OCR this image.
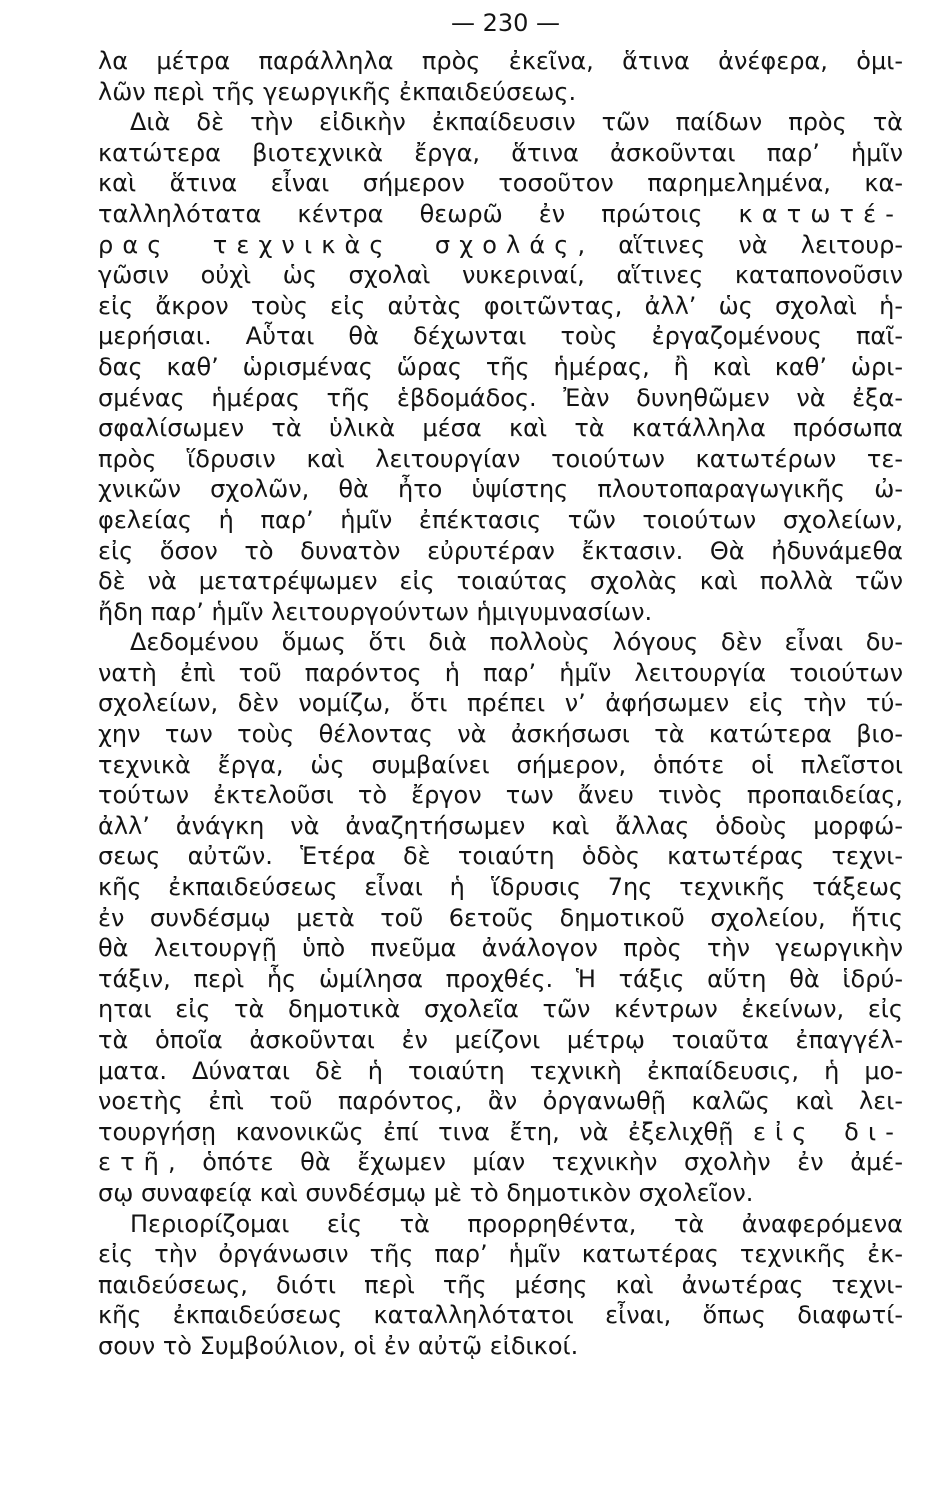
— 230 —
λα μέτρα παράλληλα πρὸς ἐκεῖνα, ἅτινα ἀνέφερα, ὁμι-
λῶν περὶ τῆς γεωργικῆς ἐκπαιδεύσεως.
Διὰ δὲ τὴν εἰδικὴν ἐκπαίδευσιν τῶν παίδων πρὸς τὰ
κατώτερα βιοτεχνικὰ ἔργα, ἅτινα ἀσκοῦνται παρ’ ἡμῖν
καὶ ἅτινα εἶναι σήμερον τοσοῦτον παρημελημένα, κα-
ταλληλότατα κέντρα θεωρῶ ἐν πρώτοις κατωτέ-
ρας τεχνικὰς σχολάς, αἵτινες νὰ λειτουρ-
γῶσιν οὐχὶ ὡς σχολαὶ νυκεριναί, αἵτινες καταπονοῦσιν
εἰς ἄκρον τοὺς εἰς αὐτὰς φοιτῶντας, ἀλλ’ ὡς σχολαὶ ἡ-
μερήσιαι. Αὗται θὰ δέχωνται τοὺς ἐργαζομένους παῖ-
δας καθ’ ὡρισμένας ὥρας τῆς ἡμέρας, ἢ καὶ καθ’ ὡρι-
σμένας ἡμέρας τῆς ἑβδομάδος. Ἐὰν δυνηθῶμεν νὰ ἐξα-
σφαλίσωμεν τὰ ὑλικὰ μέσα καὶ τὰ κατάλληλα πρόσωπα
πρὸς ἵδρυσιν καὶ λειτουργίαν τοιούτων κατωτέρων τε-
χνικῶν σχολῶν, θὰ ἦτο ὑψίστης πλουτοπαραγωγικῆς ὠ-
φελείας ἡ παρ’ ἡμῖν ἐπέκτασις τῶν τοιούτων σχολείων,
εἰς ὅσον τὸ δυνατὸν εὐρυτέραν ἔκτασιν. Θὰ ἠδυνάμεθα
δὲ νὰ μετατρέψωμεν εἰς τοιαύτας σχολὰς καὶ πολλὰ τῶν
ἤδη παρ’ ἡμῖν λειτουργούντων ἡμιγυμνασίων.
Δεδομένου ὅμως ὅτι διὰ πολλοὺς λόγους δὲν εἶναι δυ-
νατὴ ἐπὶ τοῦ παρόντος ἡ παρ’ ἡμῖν λειτουργία τοιούτων
σχολείων, δὲν νομίζω, ὅτι πρέπει ν’ ἀφήσωμεν εἰς τὴν τύ-
χην των τοὺς θέλοντας νὰ ἀσκήσωσι τὰ κατώτερα βιο-
τεχνικὰ ἔργα, ὡς συμβαίνει σήμερον, ὁπότε οἱ πλεῖστοι
τούτων ἐκτελοῦσι τὸ ἔργον των ἄνευ τινὸς προπαιδείας,
ἀλλ’ ἀνάγκη νὰ ἀναζητήσωμεν καὶ ἄλλας ὁδοὺς μορφώ-
σεως αὐτῶν. Ἑτέρα δὲ τοιαύτη ὁδὸς κατωτέρας τεχνι-
κῆς ἐκπαιδεύσεως εἶναι ἡ ἵδρυσις 7ης τεχνικῆς τάξεως
ἐν συνδέσμῳ μετὰ τοῦ 6ετοῦς δημοτικοῦ σχολείου, ἥτις
θὰ λειτουργῇ ὑπὸ πνεῦμα ἀνάλογον πρὸς τὴν γεωργικὴν
τάξιν, περὶ ἧς ὡμίλησα προχθές. Ἡ τάξις αὕτη θὰ ἱδρύ-
ηται εἰς τὰ δημοτικὰ σχολεῖα τῶν κέντρων ἐκείνων, εἰς
τὰ ὁποῖα ἀσκοῦνται ἐν μείζονι μέτρῳ τοιαῦτα ἐπαγγέλ-
ματα. Δύναται δὲ ἡ τοιαύτη τεχνικὴ ἐκπαίδευσις, ἡ μο-
νοετὴς ἐπὶ τοῦ παρόντος, ἂν ὀργανωθῇ καλῶς καὶ λει-
τουργήσῃ κανονικῶς ἐπί τινα ἔτη, νὰ ἐξελιχθῇ εἰς δι-
ετῆ, ὁπότε θὰ ἔχωμεν μίαν τεχνικὴν σχολὴν ἐν ἀμέ-
σῳ συναφείᾳ καὶ συνδέσμῳ μὲ τὸ δημοτικὸν σχολεῖον.
Περιορίζομαι εἰς τὰ προρρηθέντα, τὰ ἀναφερόμενα
εἰς τὴν ὀργάνωσιν τῆς παρ’ ἡμῖν κατωτέρας τεχνικῆς ἐκ-
παιδεύσεως, διότι περὶ τῆς μέσης καὶ ἀνωτέρας τεχνι-
κῆς ἐκπαιδεύσεως καταλληλότατοι εἶναι, ὅπως διαφωτί-
σουν τὸ Συμβούλιον, οἱ ἐν αὐτῷ εἰδικοί.
